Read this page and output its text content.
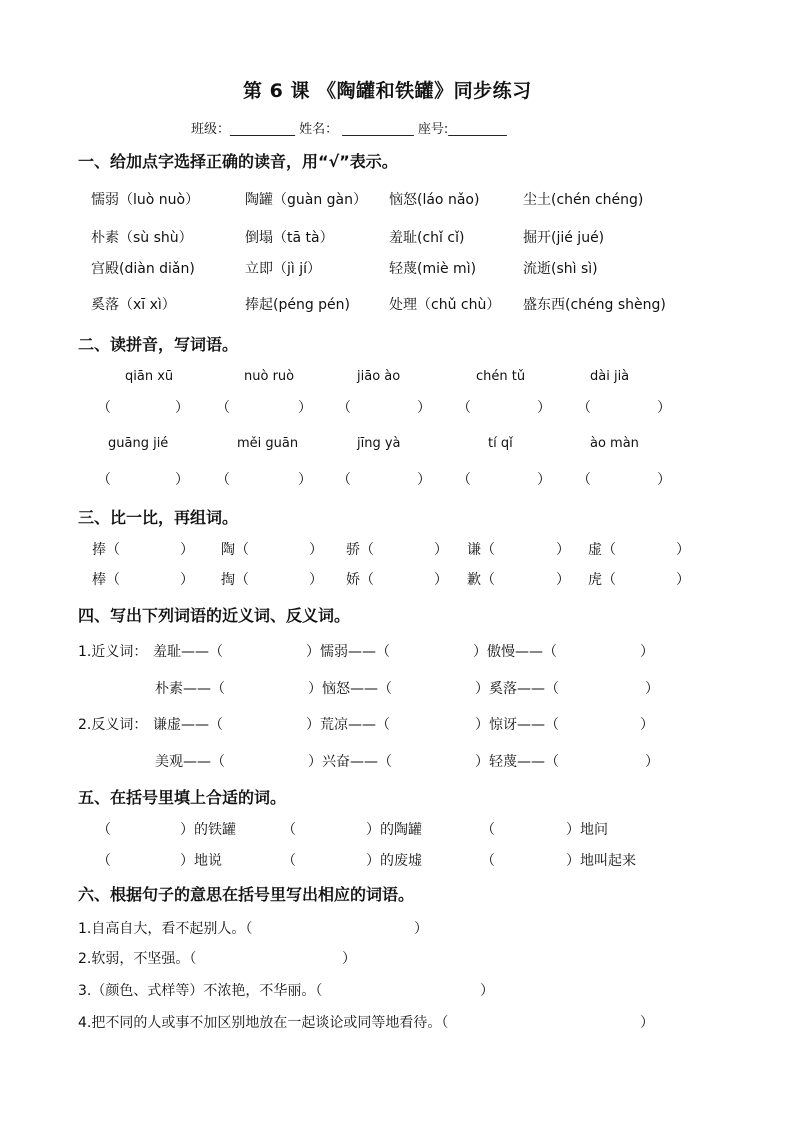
第 6 课 《陶罐和铁罐》同步练习
班级：__________ 姓名： ___________ 座号:_________
一、给加点字选择正确的读音，用“√”表示。
懦弱（luò nuò）	陶罐（guàn gàn） 恼怒(láo nǎo)	尘土(chén chéng)
朴素（sù shù）	倒塌（tā tà）	羞耻(chǐ cǐ)	掘开(jié jué)
宫殿(diàn diǎn)	立即（jì jí）	轻蔑(miè mì)	流逝(shì sì)
奚落（xī xì）	捧起(péng pén)	处理（chǔ chù） 盛东西(chéng shèng)
二、读拼音，写词语。
qiān xū	nuò ruò	jiāo ào	chén tǔ	dài jià
（	） （	） （	） （	） （	）
guāng jié	měi guān	jīng yà	tí qǐ	ào màn
（	） （	） （	） （	） （	）
三、比一比，再组词。
捧（	） 陶（	） 骄（	） 谦（	） 虚（	）
棒（	） 掏（	） 娇（	） 歉（	） 虎（	）
四、写出下列词语的近义词、反义词。
1.近义词： 羞耻——（	）懦弱——（	）傲慢——（	）
朴素——（	）恼怒——（	）奚落——（	）
2.反义词： 谦虚——（	）荒凉——（	）惊讶——（	）
美观——（	）兴奋——（	）轻蔑——（	）
五、在括号里填上合适的词。
（	）的铁罐	（	）的陶罐	（	）地问
（	）地说	（	）的废墟	（	）地叫起来
六、根据句子的意思在括号里写出相应的词语。
1.自高自大，看不起别人。（	）
2.软弱，不坚强。（	）
3.（颜色、式样等）不浓艳，不华丽。（	）
4.把不同的人或事不加区别地放在一起谈论或同等地看待。（	）
